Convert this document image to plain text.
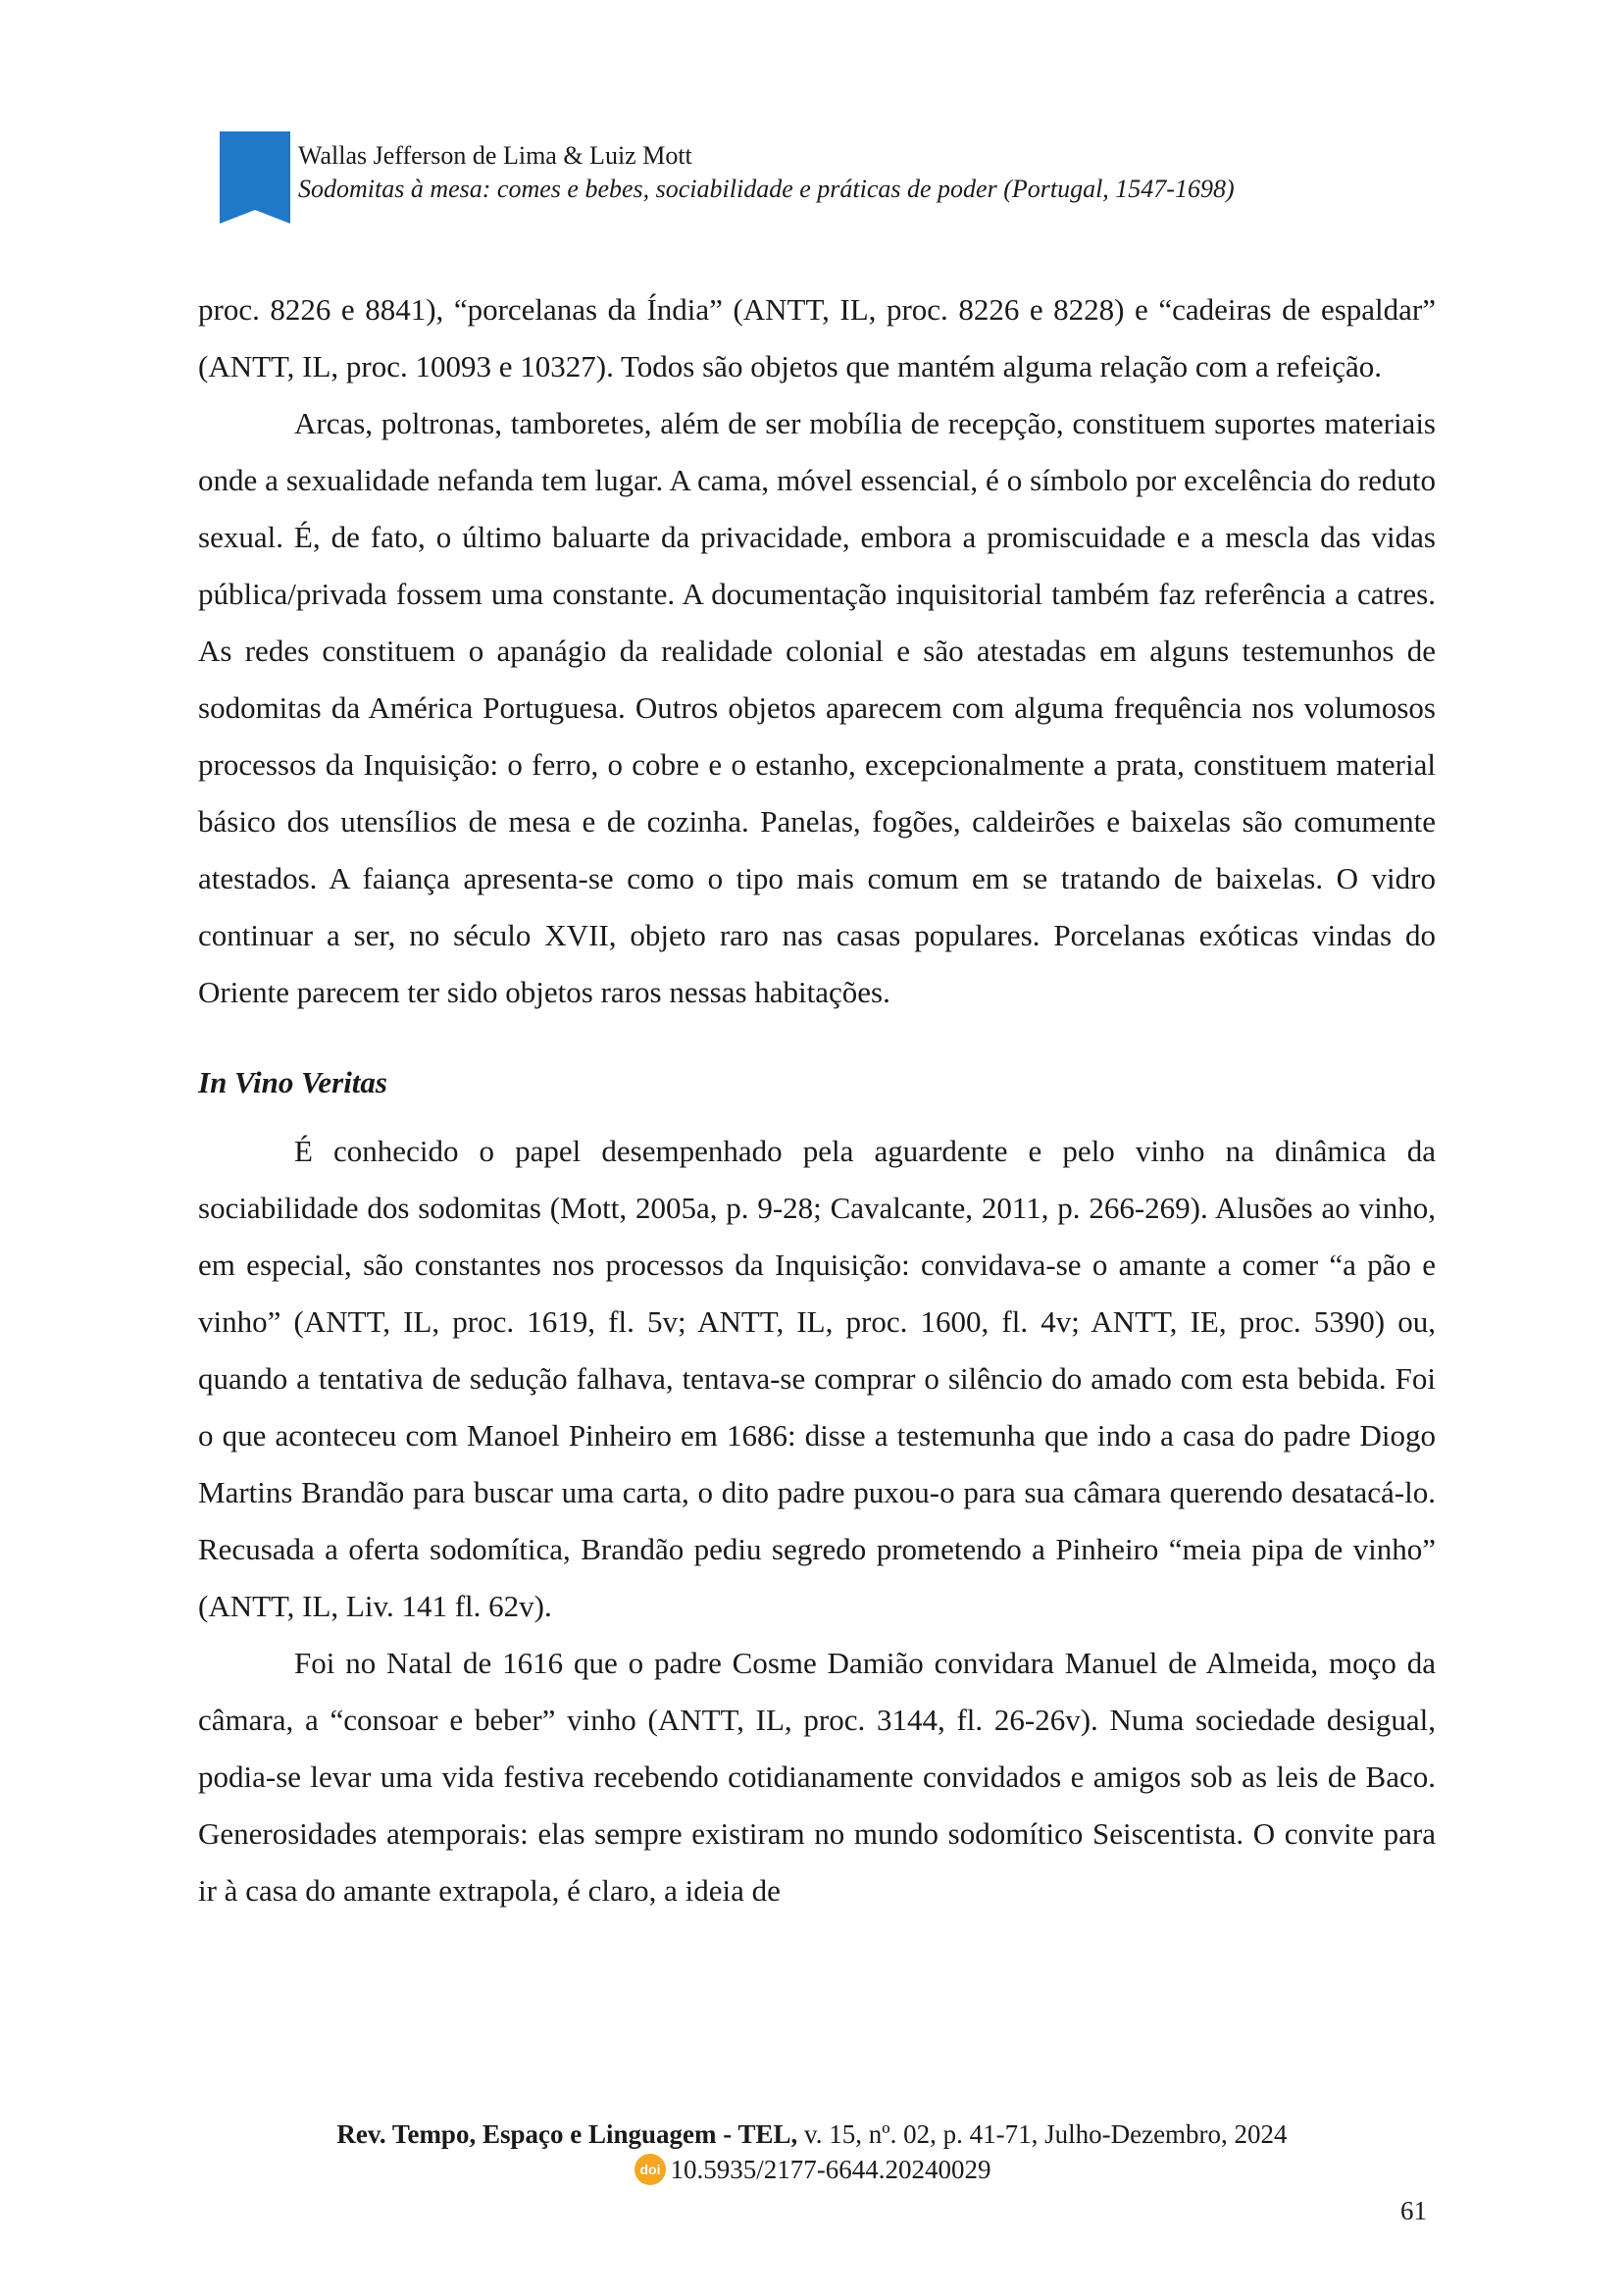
Wallas Jefferson de Lima & Luiz Mott
Sodomitas à mesa: comes e bebes, sociabilidade e práticas de poder (Portugal, 1547-1698)

proc. 8226 e 8841), “porcelanas da Índia” (ANTT, IL, proc. 8226 e 8228) e “cadeiras de espaldar” (ANTT, IL, proc. 10093 e 10327). Todos são objetos que mantém alguma relação com a refeição.

Arcas, poltronas, tamboretes, além de ser mobília de recepção, constituem suportes materiais onde a sexualidade nefanda tem lugar. A cama, móvel essencial, é o símbolo por excelência do reduto sexual. É, de fato, o último baluarte da privacidade, embora a promiscuidade e a mescla das vidas pública/privada fossem uma constante. A documentação inquisitorial também faz referência a catres. As redes constituem o apanágio da realidade colonial e são atestadas em alguns testemunhos de sodomitas da América Portuguesa. Outros objetos aparecem com alguma frequência nos volumosos processos da Inquisição: o ferro, o cobre e o estanho, excepcionalmente a prata, constituem material básico dos utensílios de mesa e de cozinha. Panelas, fogões, caldeirões e baixelas são comumente atestados. A faiança apresenta-se como o tipo mais comum em se tratando de baixelas. O vidro continuar a ser, no século XVII, objeto raro nas casas populares. Porcelanas exóticas vindas do Oriente parecem ter sido objetos raros nessas habitações.

In Vino Veritas

É conhecido o papel desempenhado pela aguardente e pelo vinho na dinâmica da sociabilidade dos sodomitas (Mott, 2005a, p. 9-28; Cavalcante, 2011, p. 266-269). Alusões ao vinho, em especial, são constantes nos processos da Inquisição: convidava-se o amante a comer “a pão e vinho” (ANTT, IL, proc. 1619, fl. 5v; ANTT, IL, proc. 1600, fl. 4v; ANTT, IE, proc. 5390) ou, quando a tentativa de sedução falhava, tentava-se comprar o silêncio do amado com esta bebida. Foi o que aconteceu com Manoel Pinheiro em 1686: disse a testemunha que indo a casa do padre Diogo Martins Brandão para buscar uma carta, o dito padre puxou-o para sua câmara querendo desatacá-lo. Recusada a oferta sodomítica, Brandão pediu segredo prometendo a Pinheiro “meia pipa de vinho” (ANTT, IL, Liv. 141 fl. 62v).

Foi no Natal de 1616 que o padre Cosme Damião convidara Manuel de Almeida, moço da câmara, a “consoar e beber” vinho (ANTT, IL, proc. 3144, fl. 26-26v). Numa sociedade desigual, podia-se levar uma vida festiva recebendo cotidianamente convidados e amigos sob as leis de Baco. Generosidades atemporais: elas sempre existiram no mundo sodomítico Seiscentista. O convite para ir à casa do amante extrapola, é claro, a ideia de

Rev. Tempo, Espaço e Linguagem - TEL, v. 15, nº. 02, p. 41-71, Julho-Dezembro, 2024
doi 10.5935/2177-6644.20240029
61
